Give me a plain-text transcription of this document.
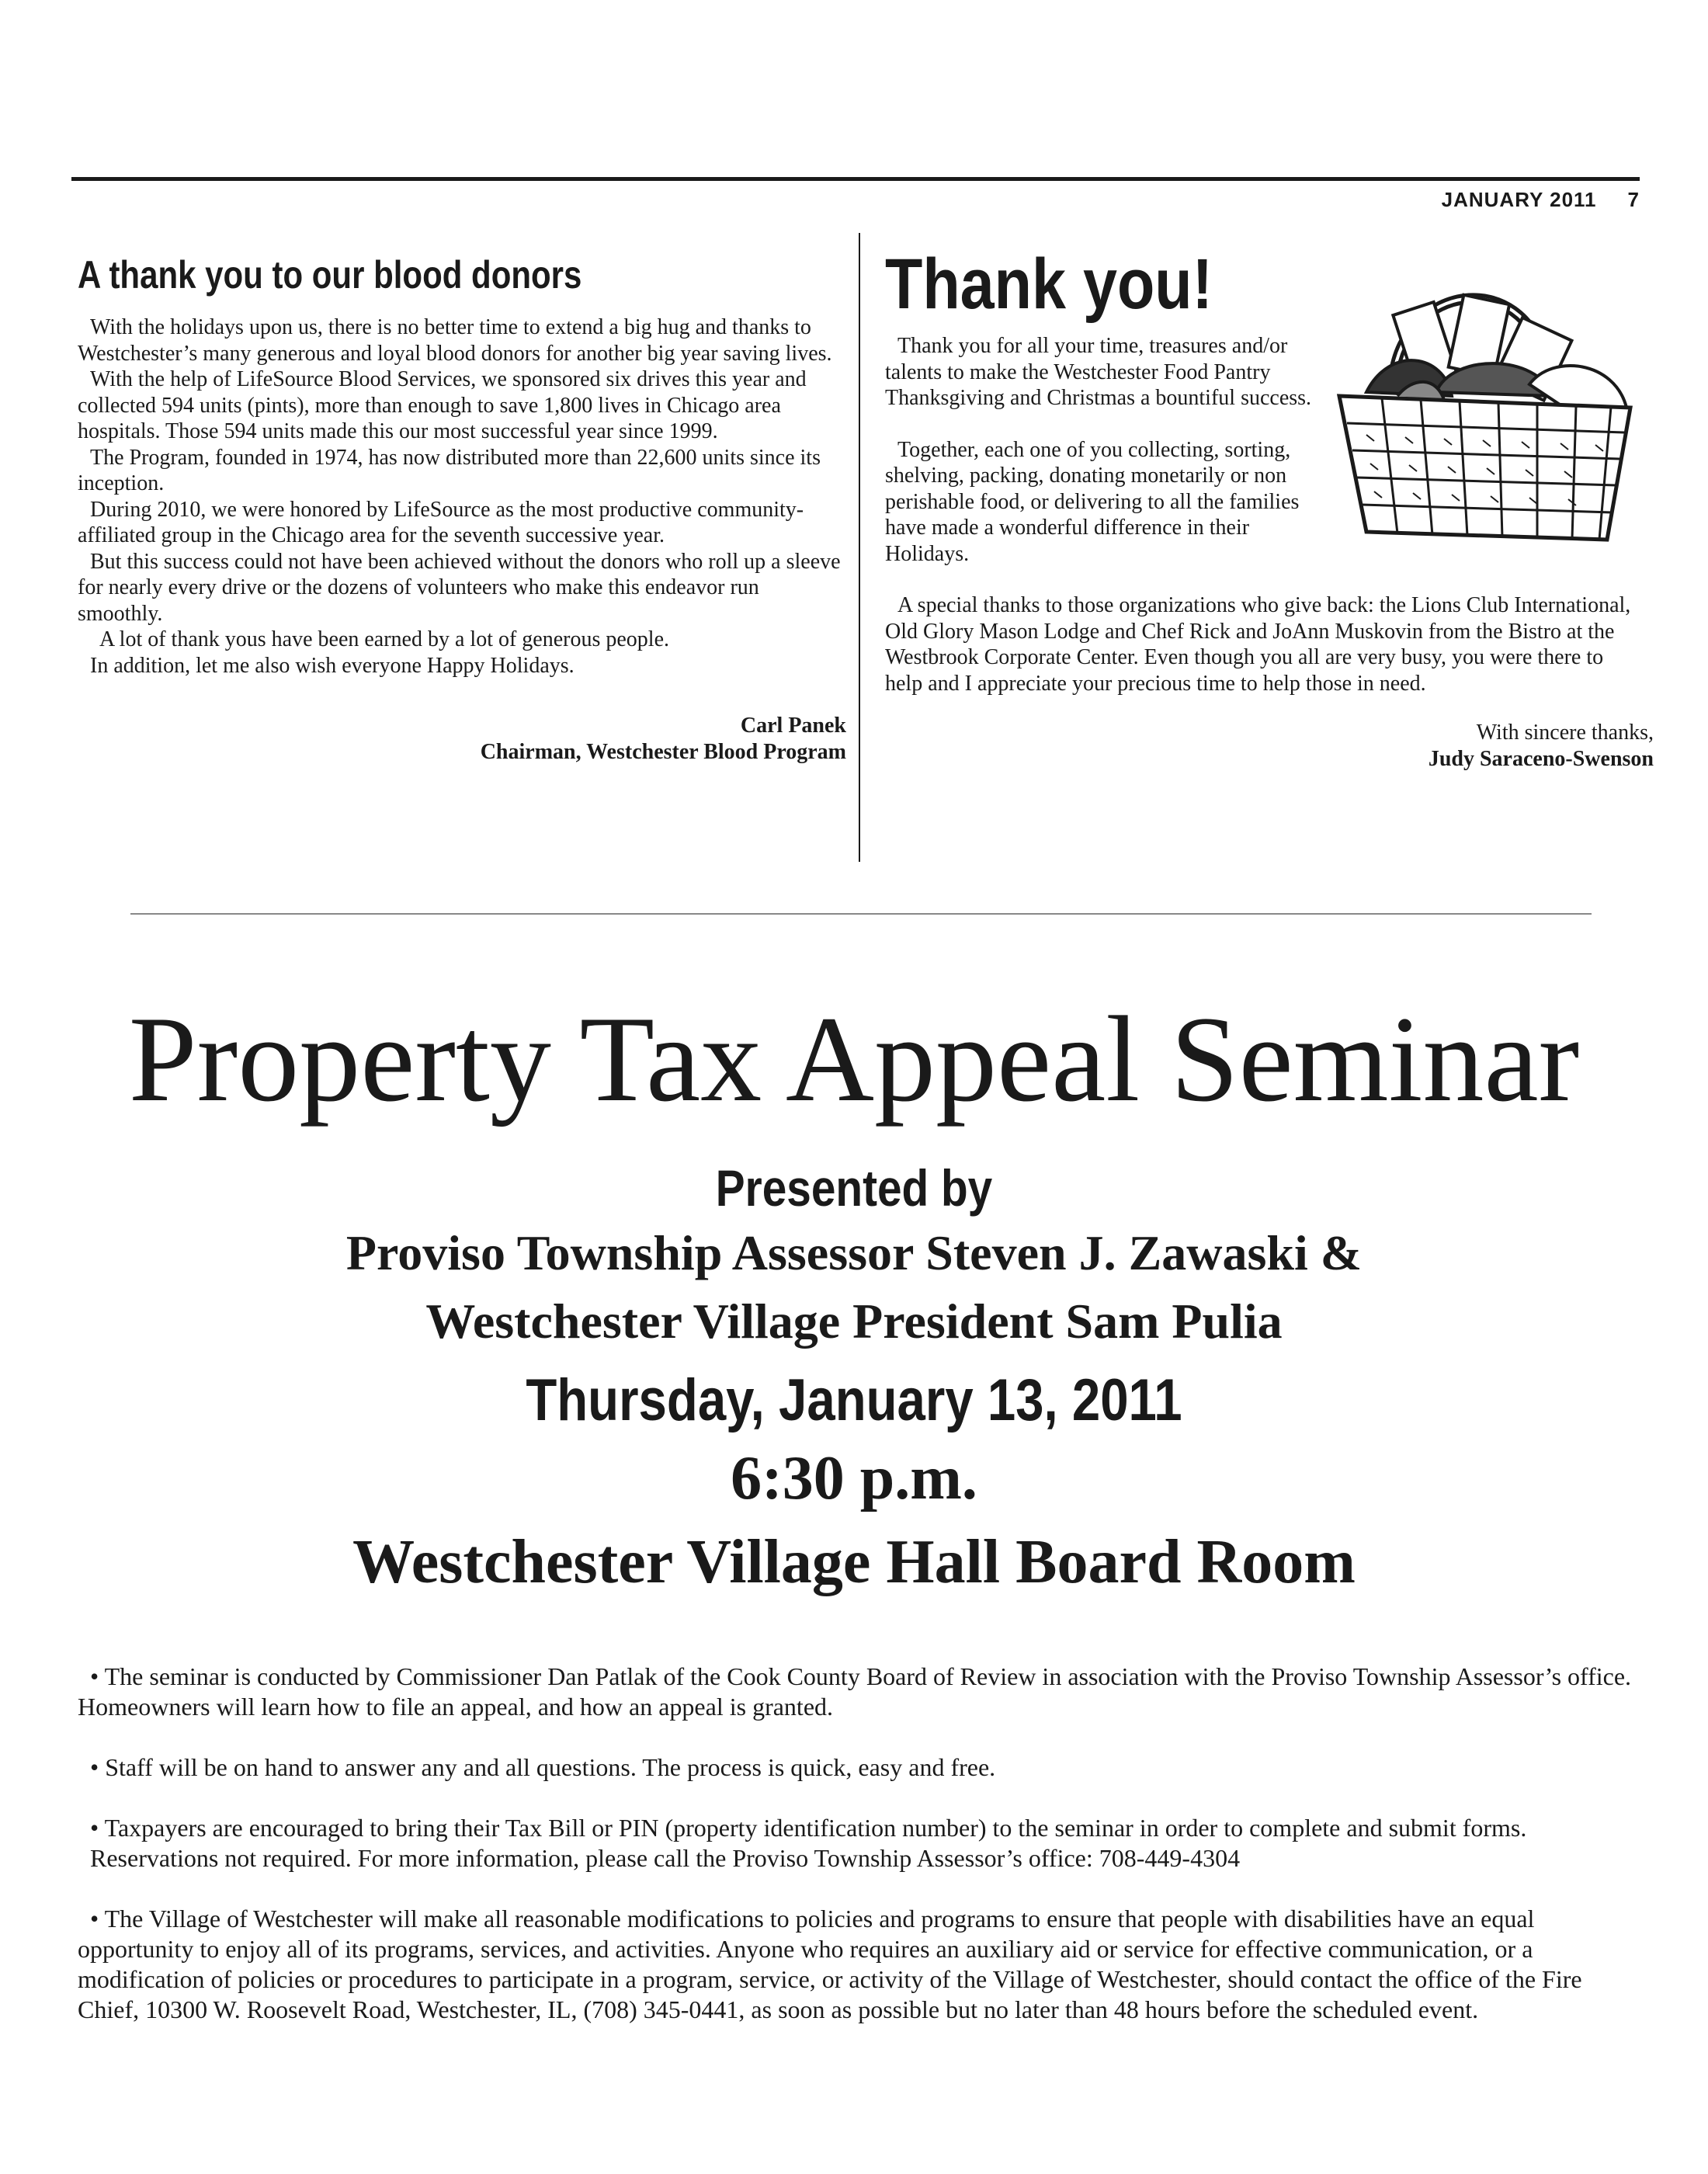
JANUARY 2011 7
A thank you to our blood donors

With the holidays upon us, there is no better time to extend a big hug and thanks to Westchester’s many generous and loyal blood donors for another big year saving lives.

With the help of LifeSource Blood Services, we sponsored six drives this year and collected 594 units (pints), more than enough to save 1,800 lives in Chicago area hospitals. Those 594 units made this our most successful year since 1999.

The Program, founded in 1974, has now distributed more than 22,600 units since its inception.

During 2010, we were honored by LifeSource as the most productive community-affiliated group in the Chicago area for the seventh successive year.

But this success could not have been achieved without the donors who roll up a sleeve for nearly every drive or the dozens of volunteers who make this endeavor run smoothly.

A lot of thank yous have been earned by a lot of generous people.

In addition, let me also wish everyone Happy Holidays.

Carl Panek
Chairman, Westchester Blood Program
Thank you!

Thank you for all your time, treasures and/or talents to make the Westchester Food Pantry Thanksgiving and Christmas a bountiful success.

Together, each one of you collecting, sorting, shelving, packing, donating monetarily or non perishable food, or delivering to all the families have made a wonderful difference in their Holidays.

A special thanks to those organizations who give back: the Lions Club International, Old Glory Mason Lodge and Chef Rick and JoAnn Muskovin from the Bistro at the Westbrook Corporate Center. Even though you all are very busy, you were there to help and I appreciate your precious time to help those in need.

With sincere thanks,
Judy Saraceno-Swenson
Property Tax Appeal Seminar
Presented by
Proviso Township Assessor Steven J. Zawaski &
Westchester Village President Sam Pulia
Thursday, January 13, 2011
6:30 p.m.
Westchester Village Hall Board Room

• The seminar is conducted by Commissioner Dan Patlak of the Cook County Board of Review in association with the Proviso Township Assessor’s office. Homeowners will learn how to file an appeal, and how an appeal is granted.

• Staff will be on hand to answer any and all questions. The process is quick, easy and free.

• Taxpayers are encouraged to bring their Tax Bill or PIN (property identification number) to the seminar in order to complete and submit forms.

Reservations not required. For more information, please call the Proviso Township Assessor’s office: 708-449-4304

• The Village of Westchester will make all reasonable modifications to policies and programs to ensure that people with disabilities have an equal opportunity to enjoy all of its programs, services, and activities. Anyone who requires an auxiliary aid or service for effective communication, or a modification of policies or procedures to participate in a program, service, or activity of the Village of Westchester, should contact the office of the Fire Chief, 10300 W. Roosevelt Road, Westchester, IL, (708) 345-0441, as soon as possible but no later than 48 hours before the scheduled event.
